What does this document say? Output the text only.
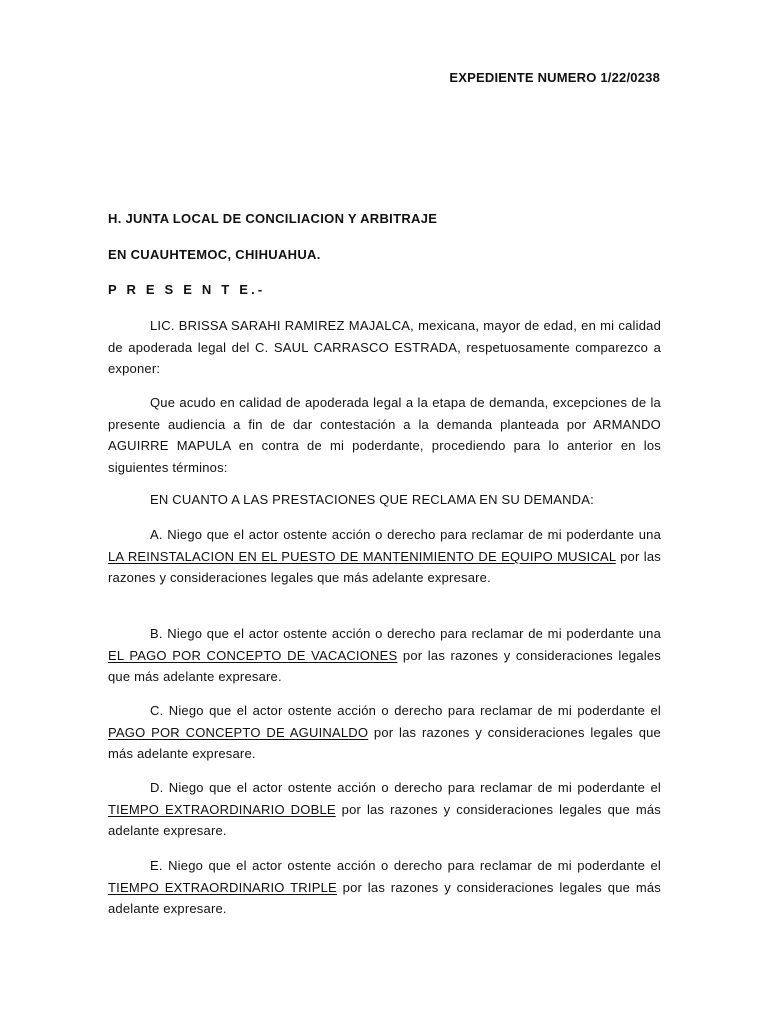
EXPEDIENTE NUMERO 1/22/0238
H. JUNTA LOCAL DE CONCILIACION Y ARBITRAJE
EN CUAUHTEMOC, CHIHUAHUA.
P R E S E N T E.-
LIC. BRISSA SARAHI RAMIREZ MAJALCA, mexicana, mayor de edad, en mi calidad de apoderada legal del C. SAUL CARRASCO ESTRADA, respetuosamente comparezco a exponer:
Que acudo en calidad de apoderada legal a la etapa de demanda, excepciones de la presente audiencia a fin de dar contestación a la demanda planteada por ARMANDO AGUIRRE MAPULA en contra de mi poderdante, procediendo para lo anterior en los siguientes términos:
EN CUANTO A LAS PRESTACIONES QUE RECLAMA EN SU DEMANDA:
A. Niego que el actor ostente acción o derecho para reclamar de mi poderdante una LA REINSTALACION EN EL PUESTO DE MANTENIMIENTO DE EQUIPO MUSICAL por las razones y consideraciones legales que más adelante expresare.
B. Niego que el actor ostente acción o derecho para reclamar de mi poderdante una EL PAGO POR CONCEPTO DE VACACIONES por las razones y consideraciones legales que más adelante expresare.
C. Niego que el actor ostente acción o derecho para reclamar de mi poderdante el PAGO POR CONCEPTO DE AGUINALDO por las razones y consideraciones legales que más adelante expresare.
D. Niego que el actor ostente acción o derecho para reclamar de mi poderdante el TIEMPO EXTRAORDINARIO DOBLE por las razones y consideraciones legales que más adelante expresare.
E. Niego que el actor ostente acción o derecho para reclamar de mi poderdante el TIEMPO EXTRAORDINARIO TRIPLE por las razones y consideraciones legales que más adelante expresare.
